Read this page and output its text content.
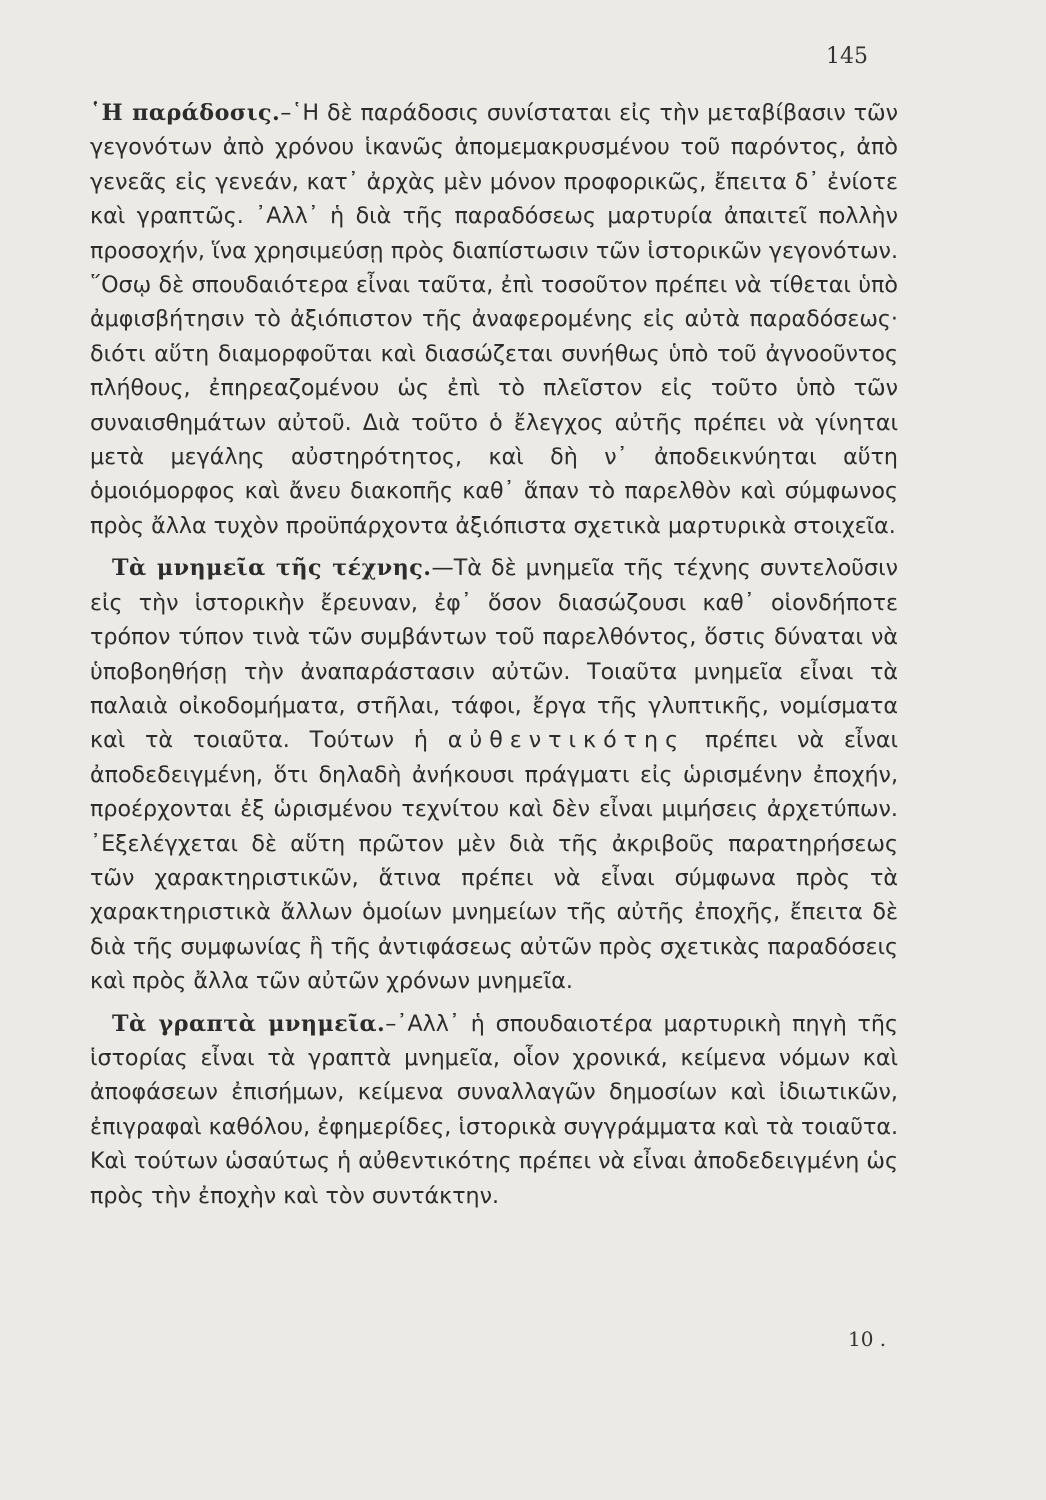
145

῾Η παράδοσις.–῾Η δὲ παράδοσις συνίσταται εἰς τὴν μεταβίβασιν τῶν γεγονότων ἀπὸ χρόνου ἱκανῶς ἀπομεμακρυσμένου τοῦ παρόντος, ἀπὸ γενεᾶς εἰς γενεάν, κατ᾽ ἀρχὰς μὲν μόνον προφορικῶς, ἔπειτα δ᾽ ἐνίοτε καὶ γραπτῶς. ᾽Αλλ᾽ ἡ διὰ τῆς παραδόσεως μαρτυρία ἀπαιτεῖ πολλὴν προσοχήν, ἵνα χρησιμεύσῃ πρὸς διαπίστωσιν τῶν ἱστορικῶν γεγονότων. ῞Οσῳ δὲ σπουδαιότερα εἶναι ταῦτα, ἐπὶ τοσοῦτον πρέπει νὰ τίθεται ὑπὸ ἀμφισβήτησιν τὸ ἀξιόπιστον τῆς ἀναφερομένης εἰς αὐτὰ παραδόσεως· διότι αὕτη διαμορφοῦται καὶ διασώζεται συνήθως ὑπὸ τοῦ ἀγνοοῦντος πλήθους, ἐπηρεαζομένου ὡς ἐπὶ τὸ πλεῖστον εἰς τοῦτο ὑπὸ τῶν συναισθημάτων αὐτοῦ. Διὰ τοῦτο ὁ ἔλεγχος αὐτῆς πρέπει νὰ γίνηται μετὰ μεγάλης αὐστηρότητος, καὶ δὴ ν᾽ ἀποδεικνύηται αὕτη ὁμοιόμορφος καὶ ἄνευ διακοπῆς καθ᾽ ἅπαν τὸ παρελθὸν καὶ σύμφωνος πρὸς ἄλλα τυχὸν προϋπάρχοντα ἀξιόπιστα σχετικὰ μαρτυρικὰ στοιχεῖα.

Τὰ μνημεῖα τῆς τέχνης.—Τὰ δὲ μνημεῖα τῆς τέχνης συντελοῦσιν εἰς τὴν ἱστορικὴν ἔρευναν, ἐφ᾽ ὅσον διασώζουσι καθ᾽ οἱονδήποτε τρόπον τύπον τινὰ τῶν συμβάντων τοῦ παρελθόντος, ὅστις δύναται νὰ ὑποβοηθήσῃ τὴν ἀναπαράστασιν αὐτῶν. Τοιαῦτα μνημεῖα εἶναι τὰ παλαιὰ οἰκοδομήματα, στῆλαι, τάφοι, ἔργα τῆς γλυπτικῆς, νομίσματα καὶ τὰ τοιαῦτα. Τούτων ἡ αὐθεντικότης πρέπει νὰ εἶναι ἀποδεδειγμένη, ὅτι δηλαδὴ ἀνήκουσι πράγματι εἰς ὡρισμένην ἐποχήν, προέρχονται ἐξ ὡρισμένου τεχνίτου καὶ δὲν εἶναι μιμήσεις ἀρχετύπων. ᾽Εξελέγχεται δὲ αὕτη πρῶτον μὲν διὰ τῆς ἀκριβοῦς παρατηρήσεως τῶν χαρακτηριστικῶν, ἅτινα πρέπει νὰ εἶναι σύμφωνα πρὸς τὰ χαρακτηριστικὰ ἄλλων ὁμοίων μνημείων τῆς αὐτῆς ἐποχῆς, ἔπειτα δὲ διὰ τῆς συμφωνίας ἢ τῆς ἀντιφάσεως αὐτῶν πρὸς σχετικὰς παραδόσεις καὶ πρὸς ἄλλα τῶν αὐτῶν χρόνων μνημεῖα.

Τὰ γραπτὰ μνημεῖα.–᾽Αλλ᾽ ἡ σπουδαιοτέρα μαρτυρικὴ πηγὴ τῆς ἱστορίας εἶναι τὰ γραπτὰ μνημεῖα, οἷον χρονικά, κείμενα νόμων καὶ ἀποφάσεων ἐπισήμων, κείμενα συναλλαγῶν δημοσίων καὶ ἰδιωτικῶν, ἐπιγραφαὶ καθόλου, ἐφημερίδες, ἱστορικὰ συγγράμματα καὶ τὰ τοιαῦτα. Καὶ τούτων ὡσαύτως ἡ αὐθεντικότης πρέπει νὰ εἶναι ἀποδεδειγμένη ὡς πρὸς τὴν ἐποχὴν καὶ τὸν συντάκτην.

10 .
